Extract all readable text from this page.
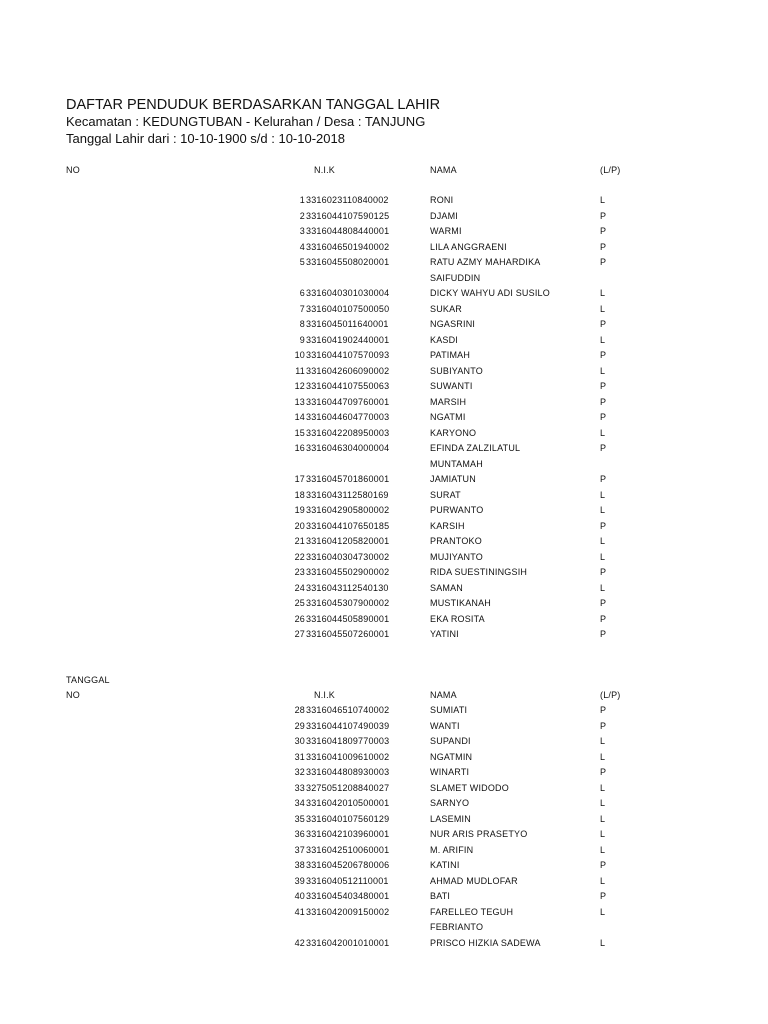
DAFTAR PENDUDUK BERDASARKAN TANGGAL LAHIR
Kecamatan : KEDUNGTUBAN - Kelurahan / Desa : TANJUNG
Tanggal Lahir dari : 10-10-1900 s/d : 10-10-2018
NO	N.I.K	NAMA	(L/P)
TANGGAL
NO	N.I.K	NAMA	(L/P)
1 3316023110840002	RONI	L
2 3316044107590125	DJAMI	P
3 3316044808440001	WARMI	P
4 3316046501940002	LILA ANGGRAENI	P
5 3316045508020001	RATU AZMY MAHARDIKA	P
SAIFUDDIN
6 3316040301030004	DICKY WAHYU ADI SUSILO	L
7 3316040107500050	SUKAR	L
8 3316045011640001	NGASRINI	P
9 3316041902440001	KASDI	L
10 3316044107570093	PATIMAH	P
11 3316042606090002	SUBIYANTO	L
12 3316044107550063	SUWANTI	P
13 3316044709760001	MARSIH	P
14 3316044604770003	NGATMI	P
15 3316042208950003	KARYONO	L
16 3316046304000004	EFINDA ZALZILATUL	P
MUNTAMAH
17 3316045701860001	JAMIATUN	P
18 3316043112580169	SURAT	L
19 3316042905800002	PURWANTO	L
20 3316044107650185	KARSIH	P
21 3316041205820001	PRANTOKO	L
22 3316040304730002	MUJIYANTO	L
23 3316045502900002	RIDA SUESTININGSIH	P
24 3316043112540130	SAMAN	L
25 3316045307900002	MUSTIKANAH	P
26 3316044505890001	EKA ROSITA	P
27 3316045507260001	YATINI	P
28 3316046510740002	SUMIATI	P
29 3316044107490039	WANTI	P
30 3316041809770003	SUPANDI	L
31 3316041009610002	NGATMIN	L
32 3316044808930003	WINARTI	P
33 3275051208840027	SLAMET WIDODO	L
34 3316042010500001	SARNYO	L
35 3316040107560129	LASEMIN	L
36 3316042103960001	NUR ARIS PRASETYO	L
37 3316042510060001	M. ARIFIN	L
38 3316045206780006	KATINI	P
39 3316040512110001	AHMAD MUDLOFAR	L
40 3316045403480001	BATI	P
41 3316042009150002	FARELLEO TEGUH	L
FEBRIANTO
42 3316042001010001	PRISCO HIZKIA SADEWA	L
